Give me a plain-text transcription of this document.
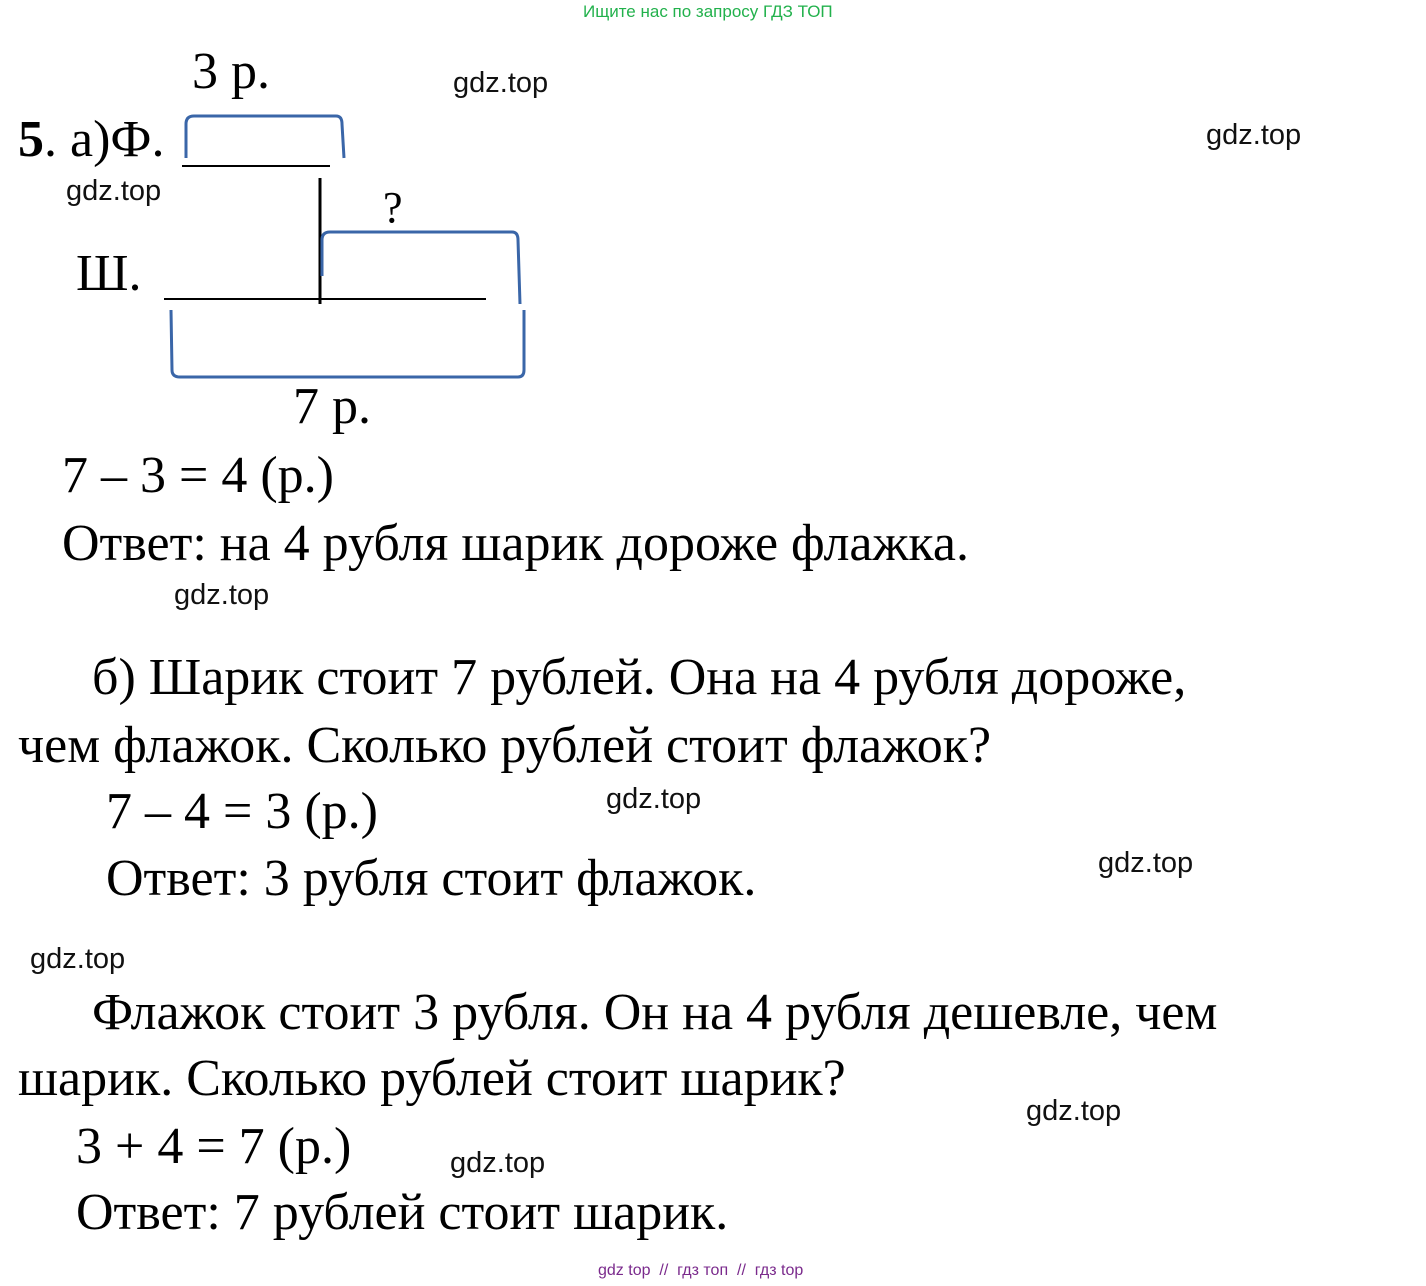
Ищите нас по запросу ГДЗ ТОП
3 р.
5. а)Ф.
?
Ш.
7 р.
7 – 3 = 4 (р.)
Ответ: на 4 рубля шарик дороже флажка.
б) Шарик стоит 7 рублей. Она на 4 рубля дороже,
чем флажок. Сколько рублей стоит флажок?
7 – 4 = 3 (р.)
Ответ: 3 рубля стоит флажок.
Флажок стоит 3 рубля. Он на 4 рубля дешевле, чем
шарик. Сколько рублей стоит шарик?
3 + 4 = 7 (р.)
Ответ: 7 рублей стоит шарик.
gdz.top
gdz.top
gdz.top
gdz.top
gdz.top
gdz.top
gdz.top
gdz.top
gdz.top
gdz top  //  гдз топ  //  гдз top
